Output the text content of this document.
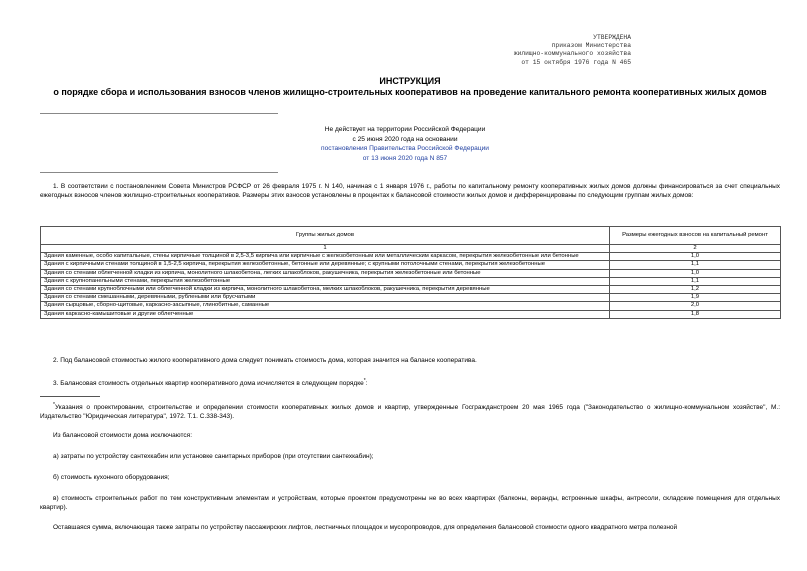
УТВЕРЖДЕНА
приказом Министерства
жилищно-коммунального хозяйства
от 15 октября 1976 года N 465
ИНСТРУКЦИЯ
о порядке сбора и использования взносов членов жилищно-строительных кооперативов на проведение капитального ремонта кооперативных жилых домов
Не действует на территории Российской Федерации
с 25 июня 2020 года на основании
постановления Правительства Российской Федерации
от 13 июня 2020 года N 857
1. В соответствии с постановлением Совета Министров РСФСР от 26 февраля 1975 г. N 140, начиная с 1 января 1976 г., работы по капитальному ремонту кооперативных жилых домов должны финансироваться за счет специальных ежегодных взносов членов жилищно-строительных кооперативов. Размеры этих взносов установлены в процентах к балансовой стоимости жилых домов и дифференцированы по следующим группам жилых домов:
Группы жилых домов	Размеры ежегодных взносов на капитальный ремонт
1	2
Здания каменные, особо капитальные, стены кирпичные толщиной в 2,5-3,5 кирпича или кирпичные с железобетонным или металлическим каркасом, перекрытия железобетонные или бетонные	1,0
Здания с кирпичными стенами толщиной в 1,5-2,5 кирпича, перекрытия железобетонные, бетонные или деревянные; с крупными потолочными стенами, перекрытия железобетонные	1,1
Здания со стенами облегченной кладки из кирпича, монолитного шлакобетона, легких шлакоблоков, ракушечника, перекрытия железобетонные или бетонные	1,0
Здания с крупнопанельными стенами, перекрытия железобетонные	1,1
Здания со стенами крупноблочными или облегченной кладки из кирпича, монолитного шлакобетона, мелких шлакоблоков, ракушечника, перекрытия деревянные	1,2
Здания со стенами смешанными, деревянными, рублеными или брусчатыми	1,9
Здания сырцовые, сборно-щитовые, каркасно-засыпные, глинобитные, саманные	2,0
Здания каркасно-камышитовые и другие облегченные	1,8
2. Под балансовой стоимостью жилого кооперативного дома следует понимать стоимость дома, которая значится на балансе кооператива.
3. Балансовая стоимость отдельных квартир кооперативного дома исчисляется в следующем порядке*:
*Указания о проектировании, строительстве и определении стоимости кооперативных жилых домов и квартир, утвержденные Госгражданстроем 20 мая 1965 года ("Законодательство о жилищно-коммунальном хозяйстве", М.: Издательство "Юридическая литература", 1972. Т.1. С.338-343).
Из балансовой стоимости дома исключаются:
а) затраты по устройству сантехкабин или установке санитарных приборов (при отсутствии сантехкабин);
б) стоимость кухонного оборудования;
в) стоимость строительных работ по тем конструктивным элементам и устройствам, которые проектом предусмотрены не во всех квартирах (балконы, веранды, встроенные шкафы, антресоли, складские помещения для отдельных квартир).
Оставшаяся сумма, включающая также затраты по устройству пассажирских лифтов, лестничных площадок и мусоропроводов, для определения балансовой стоимости одного квадратного метра полезной
